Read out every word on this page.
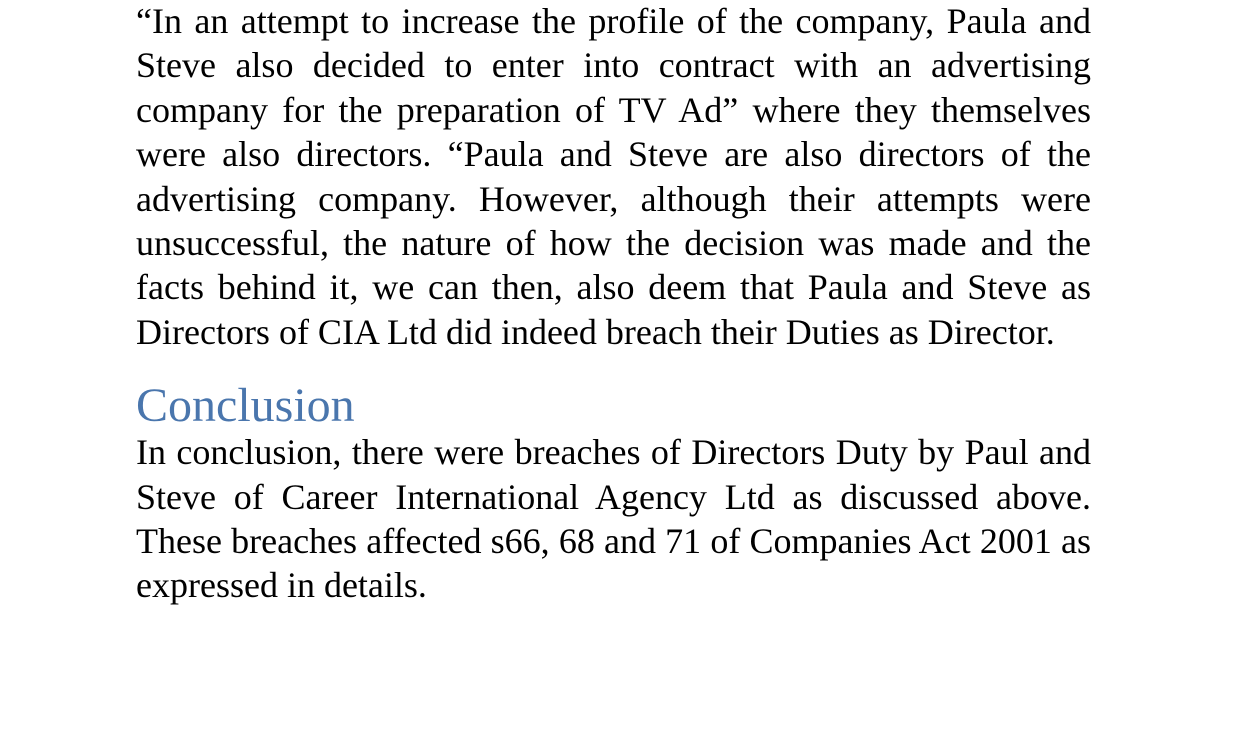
“In an attempt to increase the profile of the company, Paula and Steve also decided to enter into contract with an advertising company for the preparation of TV Ad” where they themselves were also directors. “Paula and Steve are also directors of the advertising company. However, although their attempts were unsuccessful, the nature of how the decision was made and the facts behind it, we can then, also deem that Paula and Steve as Directors of CIA Ltd did indeed breach their Duties as Director.

Conclusion

In conclusion, there were breaches of Directors Duty by Paul and Steve of Career International Agency Ltd as discussed above. These breaches affected s66, 68 and 71 of Companies Act 2001 as expressed in details.
